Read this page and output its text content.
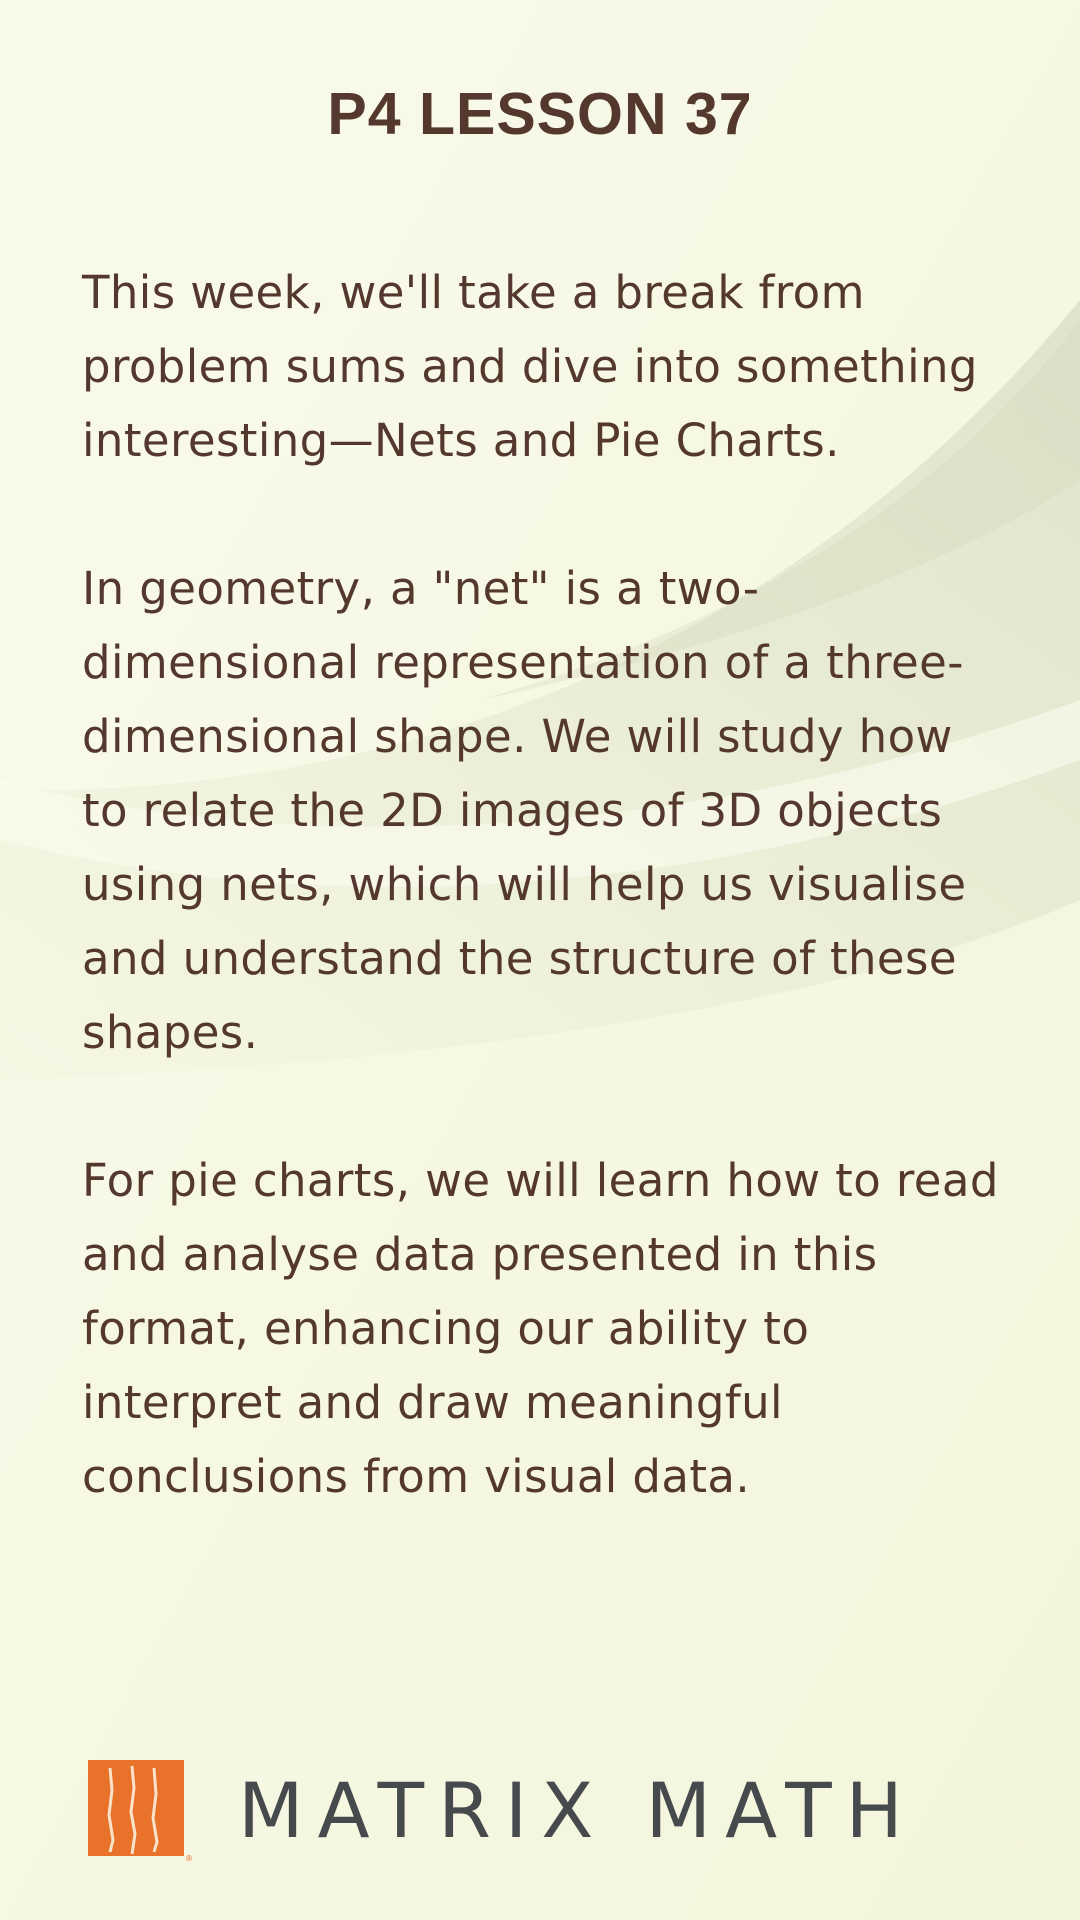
P4 LESSON 37

This week, we'll take a break from problem sums and dive into something interesting—Nets and Pie Charts.

In geometry, a "net" is a two-dimensional representation of a three-dimensional shape. We will study how to relate the 2D images of 3D objects using nets, which will help us visualise and understand the structure of these shapes.

For pie charts, we will learn how to read and analyse data presented in this format, enhancing our ability to interpret and draw meaningful conclusions from visual data.

®
MATRIX MATH
